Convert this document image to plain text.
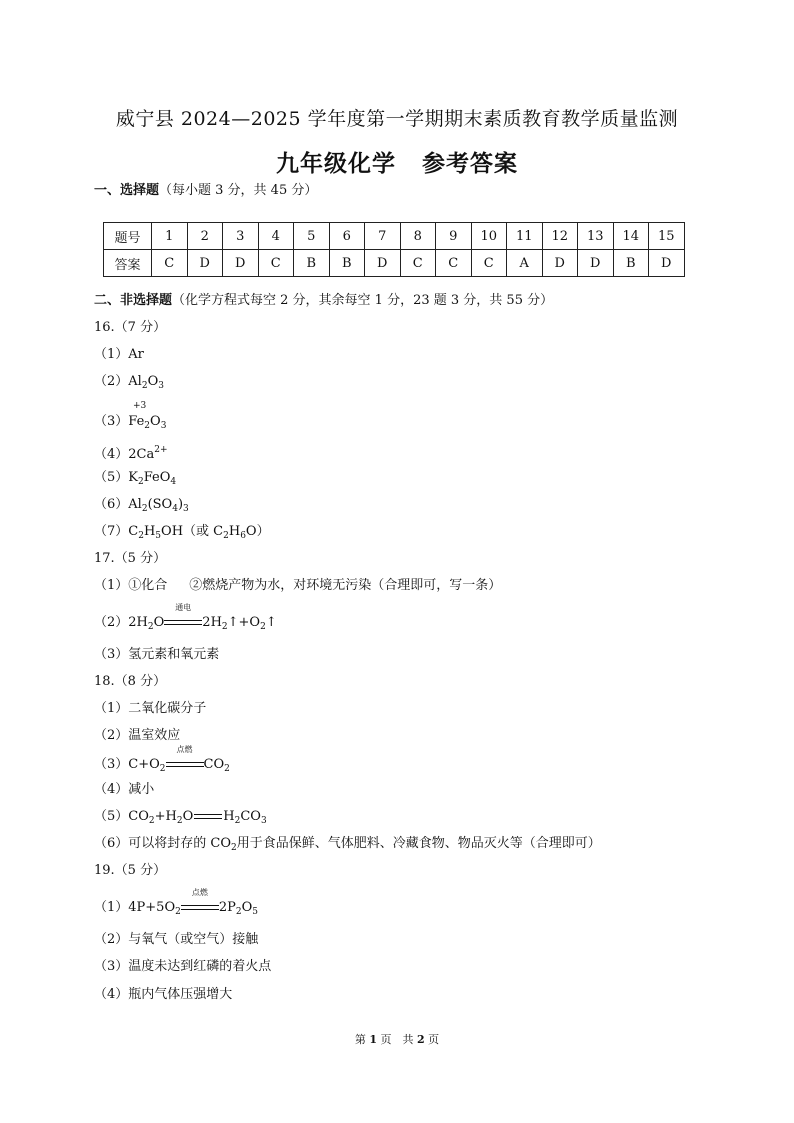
威宁县 2024—2025 学年度第一学期期末素质教育教学质量监测
九年级化学 参考答案
一、选择题（每小题 3 分，共 45 分）
题号	1	2	3	4	5	6	7	8	9	10	11	12	13	14	15
答案	C	D	D	C	B	B	D	C	C	C	A	D	D	B	D
二、非选择题（化学方程式每空 2 分，其余每空 1 分，23 题 3 分，共 55 分）
16.（7 分）
（1）Ar
$(2)Al_2O_3$
+3
$(3)Fe_2O_3$
$(4)2Ca^{2+}$
$(5)K_2FeO_4$
$(6)Al_2(SO_4)_3$
$(7)C_2H_5OH$（或 $C_2H_6O$）
17.（5 分）
（1）①化合 ②燃烧产物为水，对环境无污染（合理即可，写一条）
$(2)2H_2O$
通电
$2H_2↑+O_2↑$
（3）氢元素和氧元素
18.（8 分）
（1）二氧化碳分子
（2）温室效应
$(3)C+O_2$
点燃
$CO_2$
（4）减小
$(5)CO_2+H_2O$ $H_2CO_3$
（6）可以将封存的 $CO_2$用于食品保鲜、气体肥料、冷藏食物、物品灭火等（合理即可）
19.（5 分）
$(1)4P+5O_2$
点燃
$2P_2O_5$
（2）与氧气（或空气）接触
（3）温度未达到红磷的着火点
（4）瓶内气体压强增大
第 1 页　共 2 页
